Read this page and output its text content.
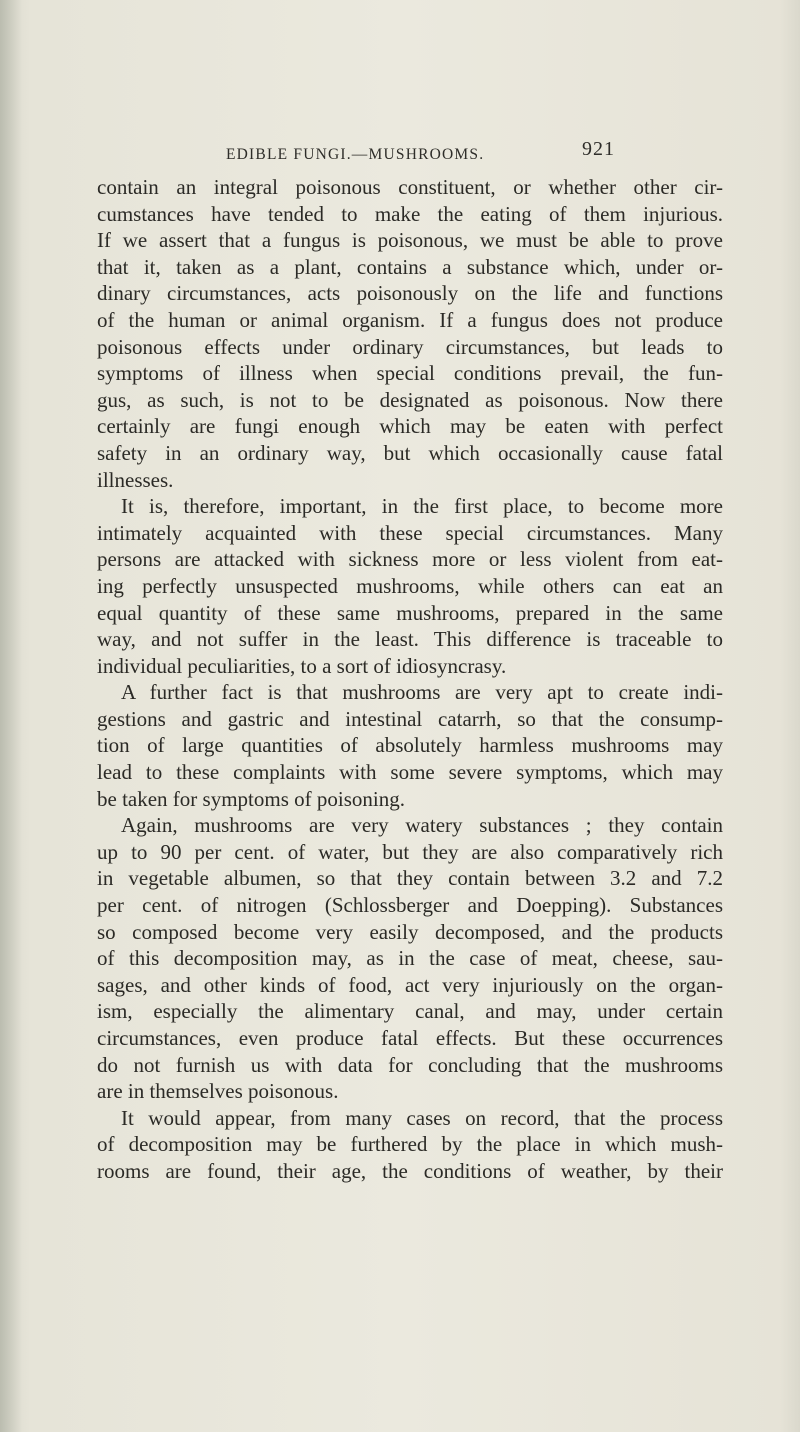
EDIBLE FUNGI.—MUSHROOMS.	921
contain an integral poisonous constituent, or whether other cir-
cumstances have tended to make the eating of them injurious.
If we assert that a fungus is poisonous, we must be able to prove
that it, taken as a plant, contains a substance which, under or-
dinary circumstances, acts poisonously on the life and functions
of the human or animal organism. If a fungus does not produce
poisonous effects under ordinary circumstances, but leads to
symptoms of illness when special conditions prevail, the fun-
gus, as such, is not to be designated as poisonous. Now there
certainly are fungi enough which may be eaten with perfect
safety in an ordinary way, but which occasionally cause fatal
illnesses.
It is, therefore, important, in the first place, to become more
intimately acquainted with these special circumstances. Many
persons are attacked with sickness more or less violent from eat-
ing perfectly unsuspected mushrooms, while others can eat an
equal quantity of these same mushrooms, prepared in the same
way, and not suffer in the least. This difference is traceable to
individual peculiarities, to a sort of idiosyncrasy.
A further fact is that mushrooms are very apt to create indi-
gestions and gastric and intestinal catarrh, so that the consump-
tion of large quantities of absolutely harmless mushrooms may
lead to these complaints with some severe symptoms, which may
be taken for symptoms of poisoning.
Again, mushrooms are very watery substances ; they contain
up to 90 per cent. of water, but they are also comparatively rich
in vegetable albumen, so that they contain between 3.2 and 7.2
per cent. of nitrogen (Schlossberger and Doepping). Substances
so composed become very easily decomposed, and the products
of this decomposition may, as in the case of meat, cheese, sau-
sages, and other kinds of food, act very injuriously on the organ-
ism, especially the alimentary canal, and may, under certain
circumstances, even produce fatal effects. But these occurrences
do not furnish us with data for concluding that the mushrooms
are in themselves poisonous.
It would appear, from many cases on record, that the process
of decomposition may be furthered by the place in which mush-
rooms are found, their age, the conditions of weather, by their
